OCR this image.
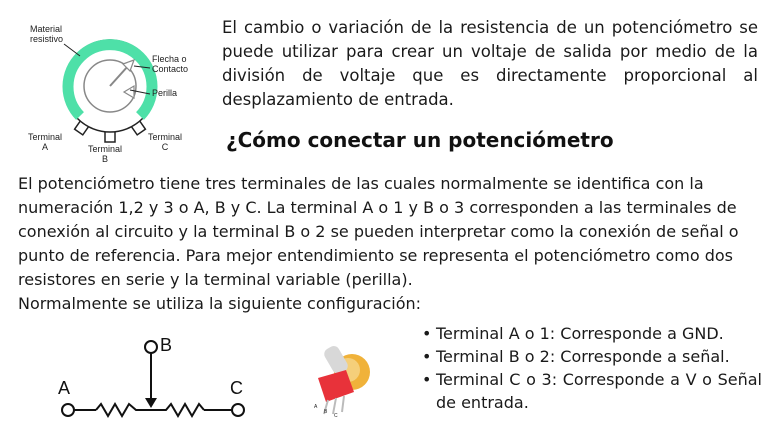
Material
resistivo
Flecha o
Contacto
Perilla
Terminal
A	Terminal
B
Terminal
C

El cambio o variación de la resistencia de un potenciómetro se puede utilizar para crear un voltaje de salida por medio de la división de voltaje que es directamente proporcional al desplazamiento de entrada.

¿Cómo conectar un potenciómetro

El potenciómetro tiene tres terminales de las cuales normalmente se identifica con la numeración 1,2 y 3 o A, B y C. La terminal A o 1 y B o 3 corresponden a las terminales de conexión al circuito y la terminal B o 2 se pueden interpretar como la conexión de señal o punto de referencia. Para mejor entendimiento se representa el potenciómetro como dos resistores en serie y la terminal variable (perilla).

Normalmente se utiliza la siguiente configuración:

A
B
C
A
B
C
• Terminal A o 1: Corresponde a GND.
• Terminal B o 2: Corresponde a señal.
• Terminal C o 3: Corresponde a V o Señal de entrada.
